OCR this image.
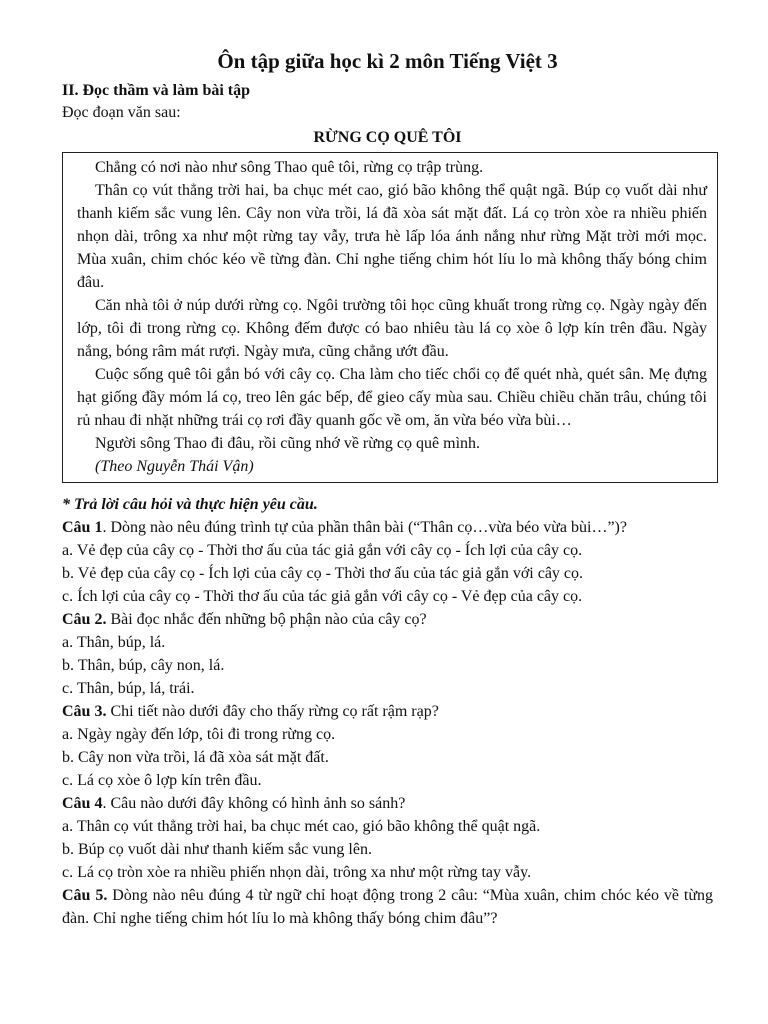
Ôn tập giữa học kì 2 môn Tiếng Việt 3

II. Đọc thầm và làm bài tập

Đọc đoạn văn sau:

RỪNG CỌ QUÊ TÔI

Chẳng có nơi nào như sông Thao quê tôi, rừng cọ trập trùng.

Thân cọ vút thẳng trời hai, ba chục mét cao, gió bão không thể quật ngã. Búp cọ vuốt dài như thanh kiếm sắc vung lên. Cây non vừa trồi, lá đã xòa sát mặt đất. Lá cọ tròn xòe ra nhiều phiến nhọn dài, trông xa như một rừng tay vẫy, trưa hè lấp lóa ánh nắng như rừng Mặt trời mới mọc. Mùa xuân, chim chóc kéo về từng đàn. Chỉ nghe tiếng chim hót líu lo mà không thấy bóng chim đâu.

Căn nhà tôi ở núp dưới rừng cọ. Ngôi trường tôi học cũng khuất trong rừng cọ. Ngày ngày đến lớp, tôi đi trong rừng cọ. Không đếm được có bao nhiêu tàu lá cọ xòe ô lợp kín trên đầu. Ngày nắng, bóng râm mát rượi. Ngày mưa, cũng chẳng ướt đầu.

Cuộc sống quê tôi gắn bó với cây cọ. Cha làm cho tiếc chổi cọ để quét nhà, quét sân. Mẹ đựng hạt giống đầy móm lá cọ, treo lên gác bếp, để gieo cấy mùa sau. Chiều chiều chăn trâu, chúng tôi rủ nhau đi nhặt những trái cọ rơi đầy quanh gốc về om, ăn vừa béo vừa bùi…

Người sông Thao đi đâu, rồi cũng nhớ về rừng cọ quê mình.

(Theo Nguyễn Thái Vận)

* Trả lời câu hỏi và thực hiện yêu cầu.

Câu 1. Dòng nào nêu đúng trình tự của phần thân bài (“Thân cọ…vừa béo vừa bùi…”)?

a. Vẻ đẹp của cây cọ - Thời thơ ấu của tác giả gắn với cây cọ - Ích lợi của cây cọ.

b. Vẻ đẹp của cây cọ - Ích lợi của cây cọ - Thời thơ ấu của tác giả gắn với cây cọ.

c. Ích lợi của cây cọ - Thời thơ ấu của tác giả gắn với cây cọ - Vẻ đẹp của cây cọ.

Câu 2. Bài đọc nhắc đến những bộ phận nào của cây cọ?

a. Thân, búp, lá.

b. Thân, búp, cây non, lá.

c. Thân, búp, lá, trái.

Câu 3. Chi tiết nào dưới đây cho thấy rừng cọ rất rậm rạp?

a. Ngày ngày đến lớp, tôi đi trong rừng cọ.

b. Cây non vừa trồi, lá đã xòa sát mặt đất.

c. Lá cọ xòe ô lợp kín trên đầu.

Câu 4. Câu nào dưới đây không có hình ảnh so sánh?

a. Thân cọ vút thẳng trời hai, ba chục mét cao, gió bão không thể quật ngã.

b. Búp cọ vuốt dài như thanh kiếm sắc vung lên.

c. Lá cọ tròn xòe ra nhiều phiến nhọn dài, trông xa như một rừng tay vẫy.

Câu 5. Dòng nào nêu đúng 4 từ ngữ chỉ hoạt động trong 2 câu: “Mùa xuân, chim chóc kéo về từng đàn. Chỉ nghe tiếng chim hót líu lo mà không thấy bóng chim đâu”?
